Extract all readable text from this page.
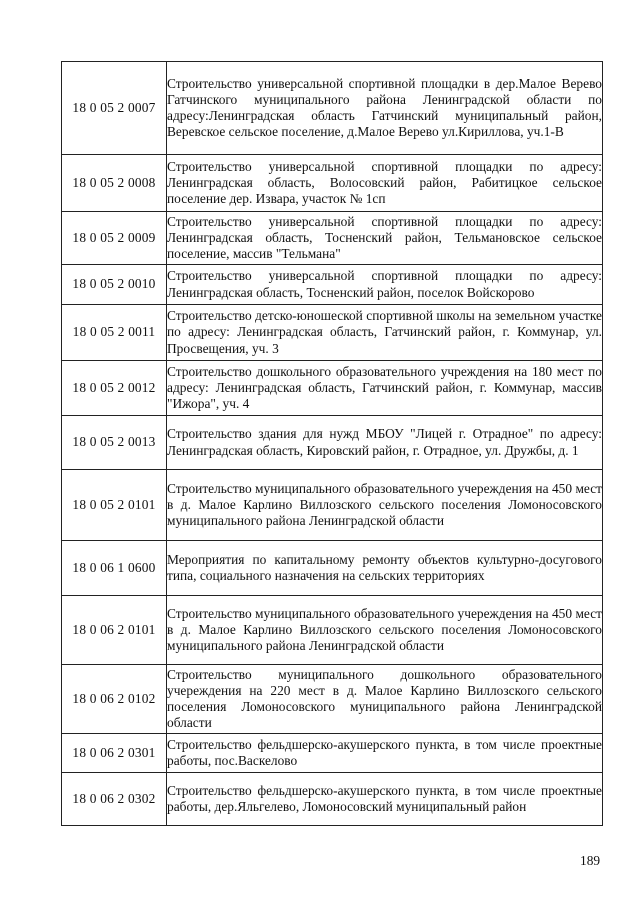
18 0 05 2 0007	Строительство универсальной спортивной площадки в дер.Малое Верево Гатчинского муниципального района Ленинградской области по адресу:Ленинградская область Гатчинский муниципальный район, Веревское сельское поселение, д.Малое Верево ул.Кириллова, уч.1-В
18 0 05 2 0008	Строительство универсальной спортивной площадки по адресу: Ленинградская область, Волосовский район, Рабитицкое сельское поселение дер. Извара, участок № 1сп
18 0 05 2 0009	Строительство универсальной спортивной площадки по адресу: Ленинградская область, Тосненский район, Тельмановское сельское поселение, массив "Тельмана"
18 0 05 2 0010	Строительство универсальной спортивной площадки по адресу: Ленинградская область, Тосненский район, поселок Войскорово
18 0 05 2 0011	Строительство детско-юношеской спортивной школы на земельном участке по адресу: Ленинградская область, Гатчинский район, г. Коммунар, ул. Просвещения, уч. 3
18 0 05 2 0012	Строительство дошкольного образовательного учреждения на 180 мест по адресу: Ленинградская область, Гатчинский район, г. Коммунар, массив "Ижора", уч. 4
18 0 05 2 0013	Строительство здания для нужд МБОУ "Лицей г. Отрадное" по адресу: Ленинградская область, Кировский район, г. Отрадное, ул. Дружбы, д. 1
18 0 05 2 0101	Строительство муниципального образовательного учереждения на 450 мест в д. Малое Карлино Виллозского сельского поселения Ломоносовского муниципального района Ленинградской области
18 0 06 1 0600	Мероприятия по капитальному ремонту объектов культурно-досугового типа, социального назначения на сельских территориях
18 0 06 2 0101	Строительство муниципального образовательного учереждения на 450 мест в д. Малое Карлино Виллозского сельского поселения Ломоносовского муниципального района Ленинградской области
18 0 06 2 0102	Строительство муниципального дошкольного образовательного учереждения на 220 мест в д. Малое Карлино Виллозского сельского поселения Ломоносовского муниципального района Ленинградской области
18 0 06 2 0301	Строительство фельдшерско-акушерского пункта, в том числе проектные работы, пос.Васкелово
18 0 06 2 0302	Строительство фельдшерско-акушерского пункта, в том числе проектные работы, дер.Яльгелево, Ломоносовский муниципальный район
189
